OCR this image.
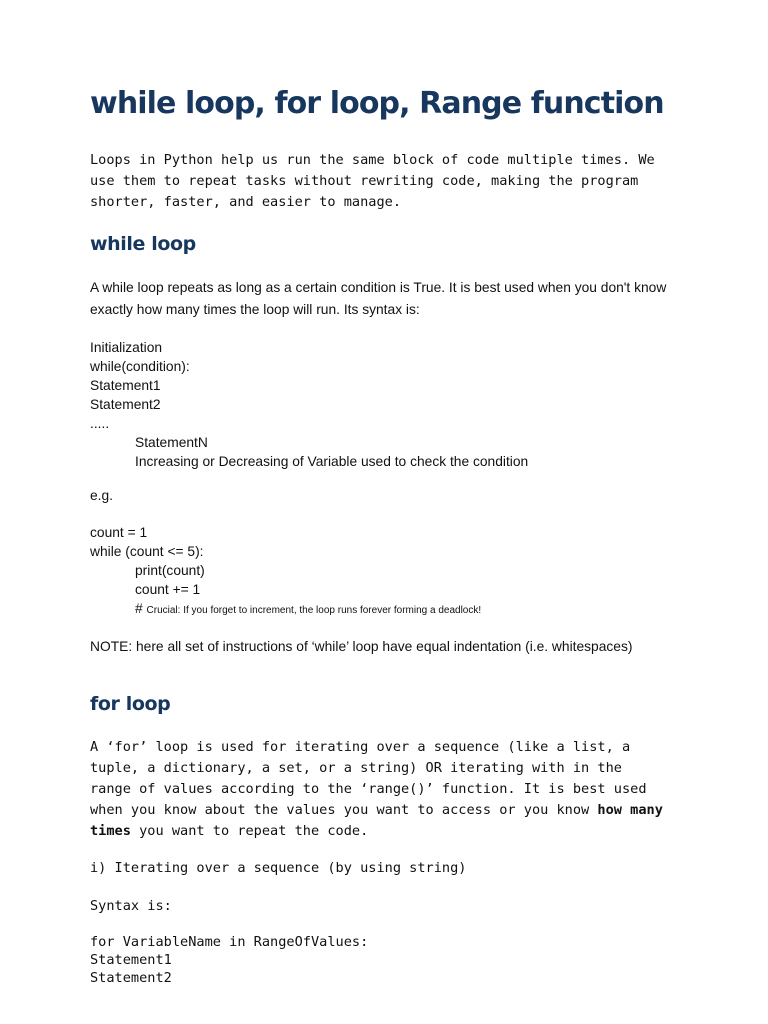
while loop, for loop, Range function
Loops in Python help us run the same block of code multiple times. We
use them to repeat tasks without rewriting code, making the program
shorter, faster, and easier to manage.
while loop
A while loop repeats as long as a certain condition is True. It is best used when you don't know
exactly how many times the loop will run. Its syntax is:
Initialization
while(condition):
Statement1
Statement2
.....
StatementN
Increasing or Decreasing of Variable used to check the condition
e.g.
count = 1
while (count <= 5):
print(count)
count += 1
# Crucial: If you forget to increment, the loop runs forever forming a deadlock!
NOTE: here all set of instructions of ‘while’ loop have equal indentation (i.e. whitespaces)
for loop
A ‘for’ loop is used for iterating over a sequence (like a list, a
tuple, a dictionary, a set, or a string) OR iterating with in the
range of values according to the ‘range()’ function. It is best used
when you know about the values you want to access or you know how many
times you want to repeat the code.
i) Iterating over a sequence (by using string)
Syntax is:
for VariableName in RangeOfValues:
Statement1
Statement2
